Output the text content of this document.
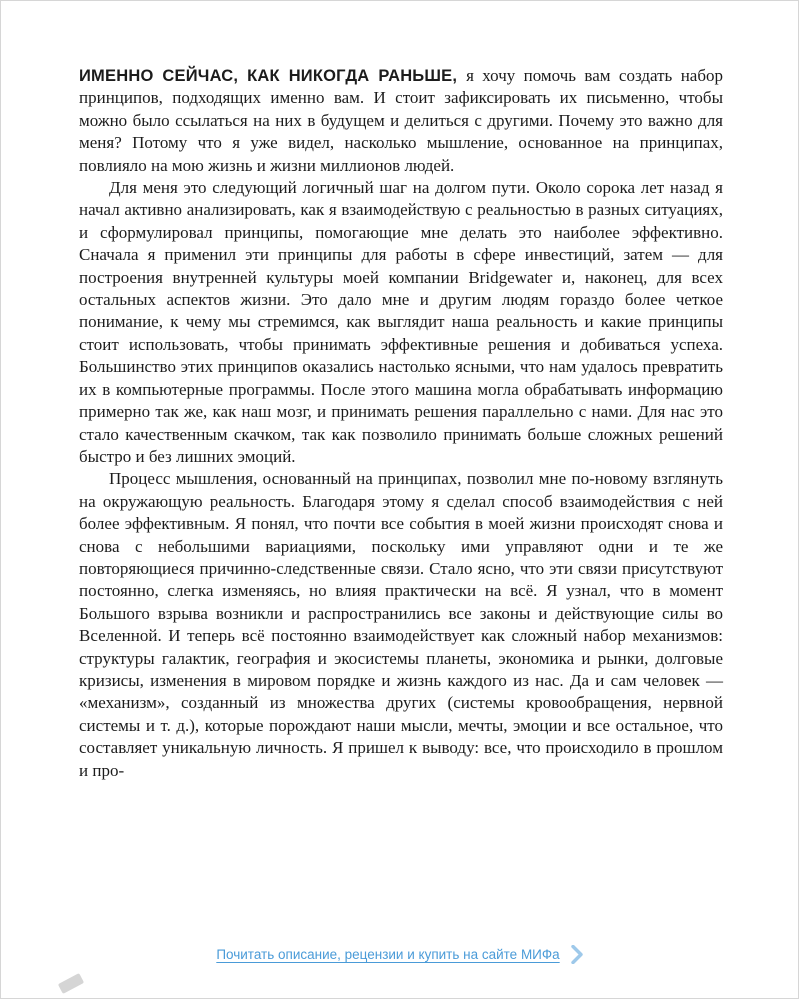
ИМЕННО СЕЙЧАС, КАК НИКОГДА РАНЬШЕ, я хочу помочь вам создать набор принципов, подходящих именно вам. И стоит зафиксировать их письменно, чтобы можно было ссылаться на них в будущем и делиться с другими. Почему это важно для меня? Потому что я уже видел, насколько мышление, основанное на принципах, повлияло на мою жизнь и жизни миллионов людей.

Для меня это следующий логичный шаг на долгом пути. Около сорока лет назад я начал активно анализировать, как я взаимодействую с реальностью в разных ситуациях, и сформулировал принципы, помогающие мне делать это наиболее эффективно. Сначала я применил эти принципы для работы в сфере инвестиций, затем — для построения внутренней культуры моей компании Bridgewater и, наконец, для всех остальных аспектов жизни. Это дало мне и другим людям гораздо более четкое понимание, к чему мы стремимся, как выглядит наша реальность и какие принципы стоит использовать, чтобы принимать эффективные решения и добиваться успеха. Большинство этих принципов оказались настолько ясными, что нам удалось превратить их в компьютерные программы. После этого машина могла обрабатывать информацию примерно так же, как наш мозг, и принимать решения параллельно с нами. Для нас это стало качественным скачком, так как позволило принимать больше сложных решений быстро и без лишних эмоций.

Процесс мышления, основанный на принципах, позволил мне по-новому взглянуть на окружающую реальность. Благодаря этому я сделал способ взаимодействия с ней более эффективным. Я понял, что почти все события в моей жизни происходят снова и снова с небольшими вариациями, поскольку ими управляют одни и те же повторяющиеся причинно-следственные связи. Стало ясно, что эти связи присутствуют постоянно, слегка изменяясь, но влияя практически на всё. Я узнал, что в момент Большого взрыва возникли и распространились все законы и действующие силы во Вселенной. И теперь всё постоянно взаимодействует как сложный набор механизмов: структуры галактик, география и экосистемы планеты, экономика и рынки, долговые кризисы, изменения в мировом порядке и жизнь каждого из нас. Да и сам человек — «механизм», созданный из множества других (системы кровообращения, нервной системы и т. д.), которые порождают наши мысли, мечты, эмоции и все остальное, что составляет уникальную личность. Я пришел к выводу: все, что происходило в прошлом и про-

Почитать описание, рецензии и купить на сайте МИФа
